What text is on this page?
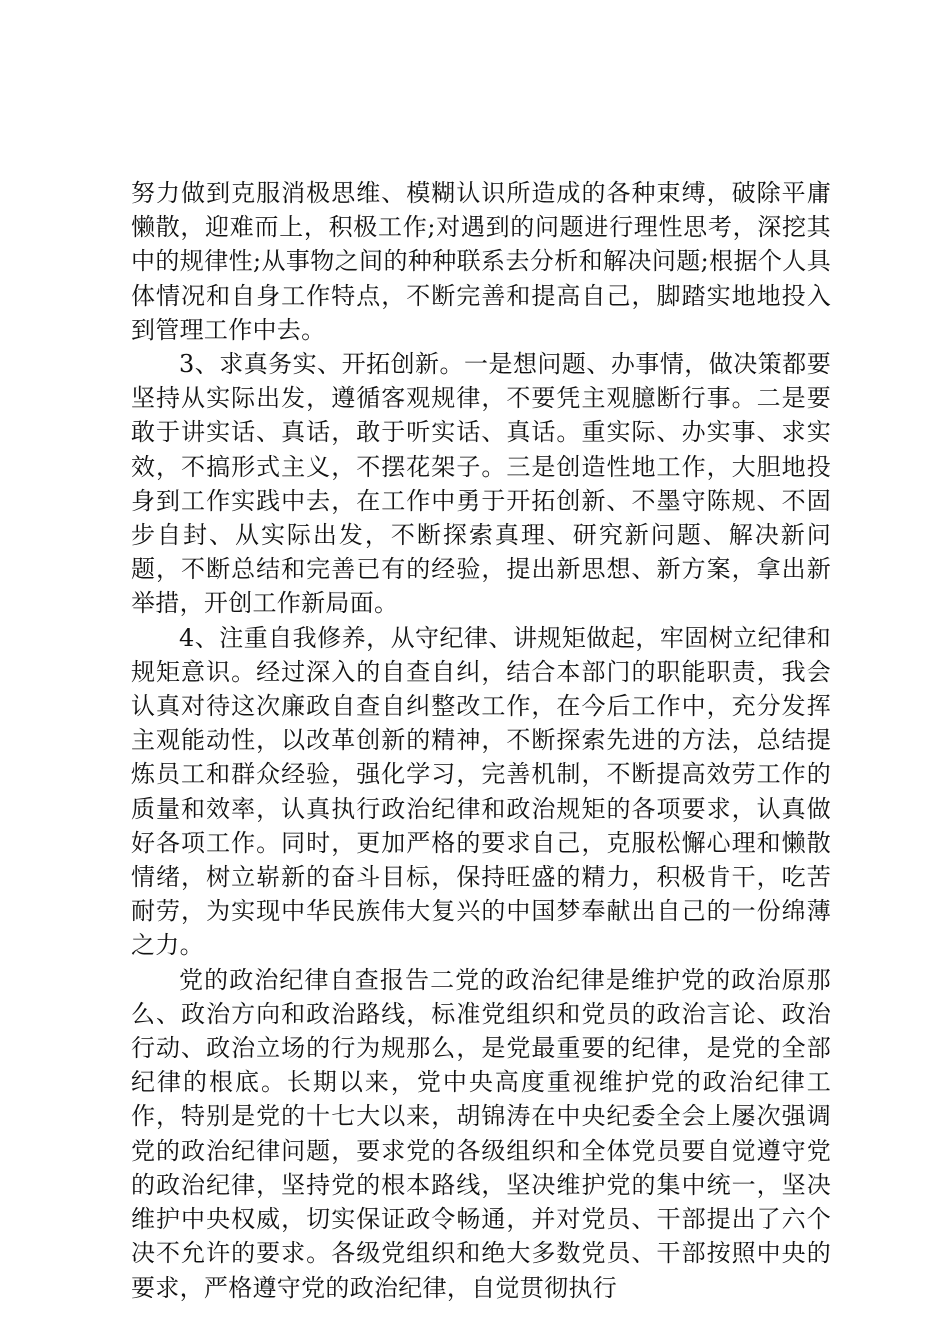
努力做到克服消极思维、模糊认识所造成的各种束缚，破除平庸懒散，迎难而上，积极工作;对遇到的问题进行理性思考，深挖其中的规律性;从事物之间的种种联系去分析和解决问题;根据个人具体情况和自身工作特点，不断完善和提高自己，脚踏实地地投入到管理工作中去。

3、求真务实、开拓创新。一是想问题、办事情，做决策都要坚持从实际出发，遵循客观规律，不要凭主观臆断行事。二是要敢于讲实话、真话，敢于听实话、真话。重实际、办实事、求实效，不搞形式主义，不摆花架子。三是创造性地工作，大胆地投身到工作实践中去，在工作中勇于开拓创新、不墨守陈规、不固步自封、从实际出发，不断探索真理、研究新问题、解决新问题，不断总结和完善已有的经验，提出新思想、新方案，拿出新举措，开创工作新局面。

4、注重自我修养，从守纪律、讲规矩做起，牢固树立纪律和规矩意识。经过深入的自查自纠，结合本部门的职能职责，我会认真对待这次廉政自查自纠整改工作，在今后工作中，充分发挥主观能动性，以改革创新的精神，不断探索先进的方法，总结提炼员工和群众经验，强化学习，完善机制，不断提高效劳工作的质量和效率，认真执行政治纪律和政治规矩的各项要求，认真做好各项工作。同时，更加严格的要求自己，克服松懈心理和懒散情绪，树立崭新的奋斗目标，保持旺盛的精力，积极肯干，吃苦耐劳，为实现中华民族伟大复兴的中国梦奉献出自己的一份绵薄之力。

党的政治纪律自查报告二党的政治纪律是维护党的政治原那么、政治方向和政治路线，标准党组织和党员的政治言论、政治行动、政治立场的行为规那么，是党最重要的纪律，是党的全部纪律的根底。长期以来，党中央高度重视维护党的政治纪律工作，特别是党的十七大以来，胡锦涛在中央纪委全会上屡次强调党的政治纪律问题，要求党的各级组织和全体党员要自觉遵守党的政治纪律，坚持党的根本路线，坚决维护党的集中统一，坚决维护中央权威，切实保证政令畅通，并对党员、干部提出了六个决不允许的要求。各级党组织和绝大多数党员、干部按照中央的要求，严格遵守党的政治纪律，自觉贯彻执行
